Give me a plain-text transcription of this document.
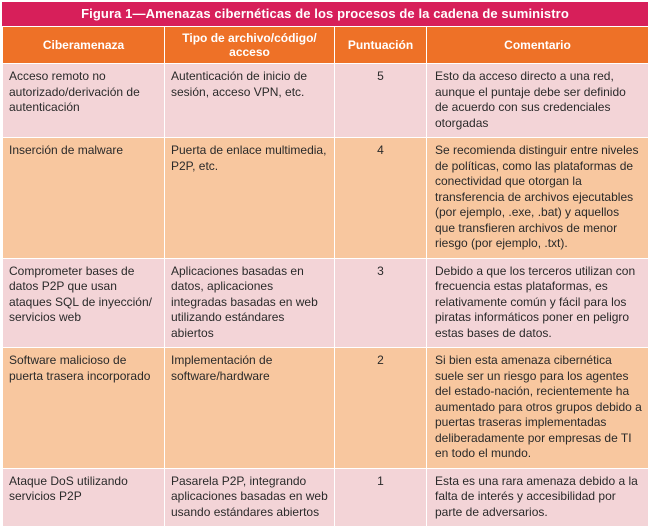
Figura 1—Amenazas cibernéticas de los procesos de la cadena de suministro
Ciberamenaza	Tipo de archivo/código/ acceso	Puntuación	Comentario
Acceso remoto no autorizado/derivación de autenticación	Autenticación de inicio de sesión, acceso VPN, etc.	5	Esto da acceso directo a una red, aunque el puntaje debe ser definido de acuerdo con sus credenciales otorgadas
Inserción de malware	Puerta de enlace multimedia, P2P, etc.	4	Se recomienda distinguir entre niveles de políticas, como las plataformas de conectividad que otorgan la transferencia de archivos ejecutables (por ejemplo, .exe, .bat) y aquellos que transfieren archivos de menor riesgo (por ejemplo, .txt).
Comprometer bases de datos P2P que usan ataques SQL de inyección/ servicios web	Aplicaciones basadas en datos, aplicaciones integradas basadas en web utilizando estándares abiertos	3	Debido a que los terceros utilizan con frecuencia estas plataformas, es relativamente común y fácil para los piratas informáticos poner en peligro estas bases de datos.
Software malicioso de puerta trasera incorporado	Implementación de software/hardware	2	Si bien esta amenaza cibernética suele ser un riesgo para los agentes del estado-nación, recientemente ha aumentado para otros grupos debido a puertas traseras implementadas deliberadamente por empresas de TI en todo el mundo.
Ataque DoS utilizando servicios P2P	Pasarela P2P, integrando aplicaciones basadas en web usando estándares abiertos	1	Esta es una rara amenaza debido a la falta de interés y accesibilidad por parte de adversarios.
